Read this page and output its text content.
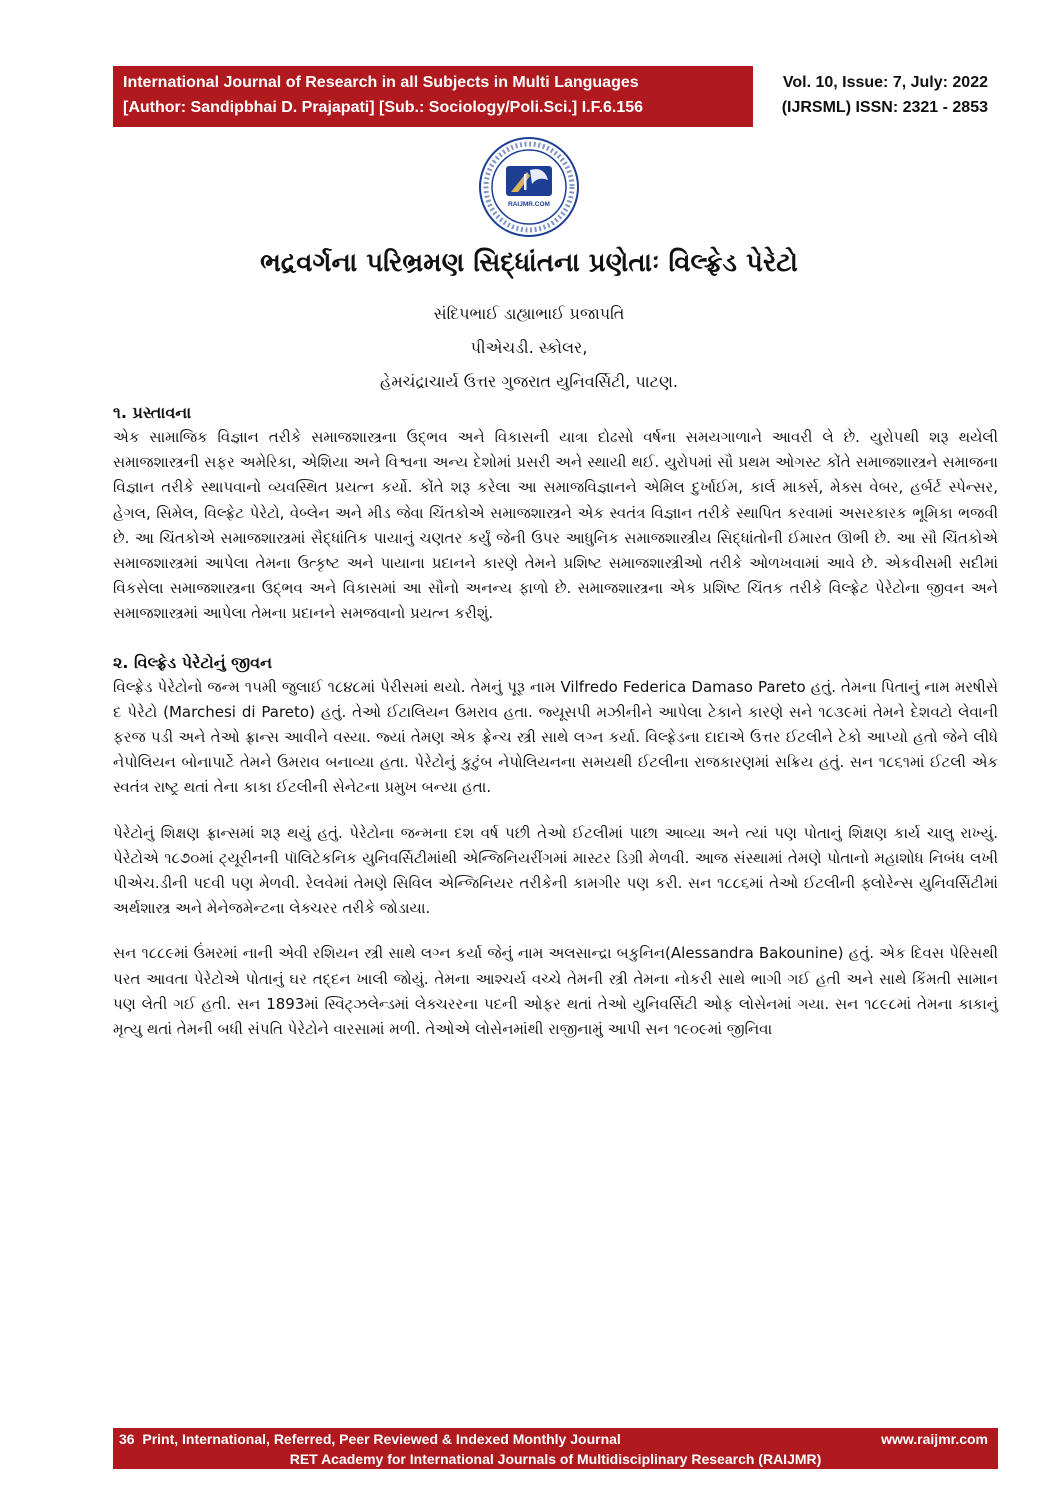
International Journal of Research in all Subjects in Multi Languages
[Author: Sandipbhai D. Prajapati] [Sub.: Sociology/Poli.Sci.] I.F.6.156
Vol. 10, Issue: 7, July: 2022
(IJRSML) ISSN: 2321 - 2853
RAIJMR.COM
ભદ્રવર્ગના પરિભ્રમણ સિદ્ધાંતના પ્રણેતાઃ વિલ્ફ્રેડ પેરેટો
સંદિપભાઈ ડાહ્યાભાઈ પ્રજાપતિ
પીએચડી. સ્કોલર,
હેમચંદ્રાચાર્ય ઉત્તર ગુજરાત યુનિવર્સિટી, પાટણ.
૧. પ્રસ્તાવના

એક સામાજિક વિજ્ઞાન તરીકે સમાજશાસ્ત્રના ઉદ્ભવ અને વિકાસની યાત્રા દોઢસો વર્ષના સમયગાળાને આવરી લે છે. યુરોપથી શરૂ થયેલી સમાજશાસ્ત્રની સફર અમેરિકા, એશિયા અને વિશ્વના અન્ય દેશોમાં પ્રસરી અને સ્થાયી થઈ. યુરોપમાં સૌ પ્રથમ ઓગસ્ટ કોંતે સમાજશાસ્ત્રને સમાજના વિજ્ઞાન તરીકે સ્થાપવાનો વ્યવસ્થિત પ્રયત્ન કર્યો. કોંતે શરૂ કરેલા આ સમાજવિજ્ઞાનને એમિલ દુર્ખાઈમ, કાર્લ માર્ક્સ, મેક્સ વેબર, હર્બર્ટ સ્પેન્સર, હેગલ, સિમેલ, વિલ્ફ્રેટ પેરેટો, વેબ્લેન અને મીડ જેવા ચિંતકોએ સમાજશાસ્ત્રને એક સ્વતંત્ર વિજ્ઞાન તરીકે સ્થાપિત કરવામાં અસરકારક ભૂમિકા ભજવી છે. આ ચિંતકોએ સમાજશાસ્ત્રમાં સૈદ્ધાંતિક પાયાનું ચણતર કર્યું જેની ઉપર આધુનિક સમાજશાસ્ત્રીય સિદ્ધાંતોની ઈમારત ઊભી છે. આ સૌ ચિંતકોએ સમાજશાસ્ત્રમાં આપેલા તેમના ઉત્કૃષ્ટ અને પાયાના પ્રદાનને કારણે તેમને પ્રશિષ્ટ સમાજશાસ્ત્રીઓ તરીકે ઓળખવામાં આવે છે. એકવીસમી સદીમાં વિકસેલા સમાજશાસ્ત્રના ઉદ્ભવ અને વિકાસમાં આ સૌનો અનન્ય ફાળો છે. સમાજશાસ્ત્રના એક પ્રશિષ્ટ ચિંતક તરીકે વિલ્ફ્રેટ પેરેટોના જીવન અને સમાજશાસ્ત્રમાં આપેલા તેમના પ્રદાનને સમજવાનો પ્રયત્ન કરીશું.

૨. વિલ્ફ્રેડ પેરેટોનું જીવન

વિલ્ફ્રેડ પેરેટોનો જન્મ ૧૫મી જુલાઈ ૧૮૪૮માં પેરીસમાં થયો. તેમનું પૂરૂ નામ Vilfredo Federica Damaso Pareto હતું. તેમના પિતાનું નામ મરષીસે દ પેરેટો (Marchesi di Pareto) હતું. તેઓ ઈટાલિયન ઉમરાવ હતા. જ્યૂસપી મઝીનીને આપેલા ટેકાને કારણે સને ૧૮૩૯માં તેમને દેશવટો લેવાની ફરજ પડી અને તેઓ ફ્રાન્સ આવીને વસ્યા. જ્યાં તેમણ એક ફ્રેન્ચ સ્ત્રી સાથે લગ્ન કર્યા. વિલ્ફ્રેડના દાદાએ ઉત્તર ઈટલીને ટેકો આપ્યો હતો જેને લીધે નેપોલિયન બોનાપાર્ટે તેમને ઉમરાવ બનાવ્યા હતા. પેરેટોનું કુટુંબ નેપોલિયનના સમયથી ઈટલીના રાજકારણમાં સક્રિય હતું. સન ૧૮૬૧માં ઈટલી એક સ્વતંત્ર રાષ્ટ્ર થતાં તેના કાકા ઈટલીની સેનેટના પ્રમુખ બન્યા હતા.

પેરેટોનું શિક્ષણ ફ્રાન્સમાં શરૂ થયું હતું. પેરેટોના જન્મના દશ વર્ષ પછી તેઓ ઈટલીમાં પાછા આવ્યા અને ત્યાં પણ પોતાનું શિક્ષણ કાર્ય ચાલુ રાખ્યું. પેરેટોએ ૧૮૭૦માં ટ્યૂરીનની પૉલિટેકનિક યુનિવર્સિટીમાંથી એન્જિનિયરીંગમાં માસ્ટર ડિગ્રી મેળવી. આજ સંસ્થામાં તેમણે પોતાનો મહાશોધ નિબંધ લખી પીએચ.ડીની પદવી પણ મેળવી. રેલવેમાં તેમણે સિવિલ એન્જિનિયર તરીકેની કામગીર પણ કરી. સન ૧૮૮૬માં તેઓ ઈટલીની ફ્લોરેન્સ યુનિવર્સિટીમાં અર્થશાસ્ત્ર અને મેનેજમેન્ટના લેક્ચરર તરીકે જોડાયા.

સન ૧૮૮૯માં ઉંમરમાં નાની એવી રશિયન સ્ત્રી સાથે લગ્ન કર્યા જેનું નામ અલસાન્દ્રા બકુનિન(Alessandra Bakounine) હતું. એક દિવસ પેરિસથી પરત આવતા પેરેટોએ પોતાનું ઘર તદ્દન ખાલી જોયું. તેમના આશ્ચર્ય વચ્ચે તેમની સ્ત્રી તેમના નોકરી સાથે ભાગી ગઈ હતી અને સાથે કિંમતી સામાન પણ લેતી ગઈ હતી. સન 1893માં સ્વિટ્ઝલેન્ડમાં લેક્ચરરના પદની ઓફર થતાં તેઓ યુનિવર્સિટી ઓફ લોસેનમાં ગયા. સન ૧૮૯૮માં તેમના કાકાનું મૃત્યુ થતાં તેમની બધી સંપતિ પેરેટોને વારસામાં મળી. તેઓએ લોસેનમાંથી રાજીનામું આપી સન ૧૯૦૯માં જીનિવા

36 Print, International, Referred, Peer Reviewed & Indexed Monthly Journal	www.raijmr.com
RET Academy for International Journals of Multidisciplinary Research (RAIJMR)
